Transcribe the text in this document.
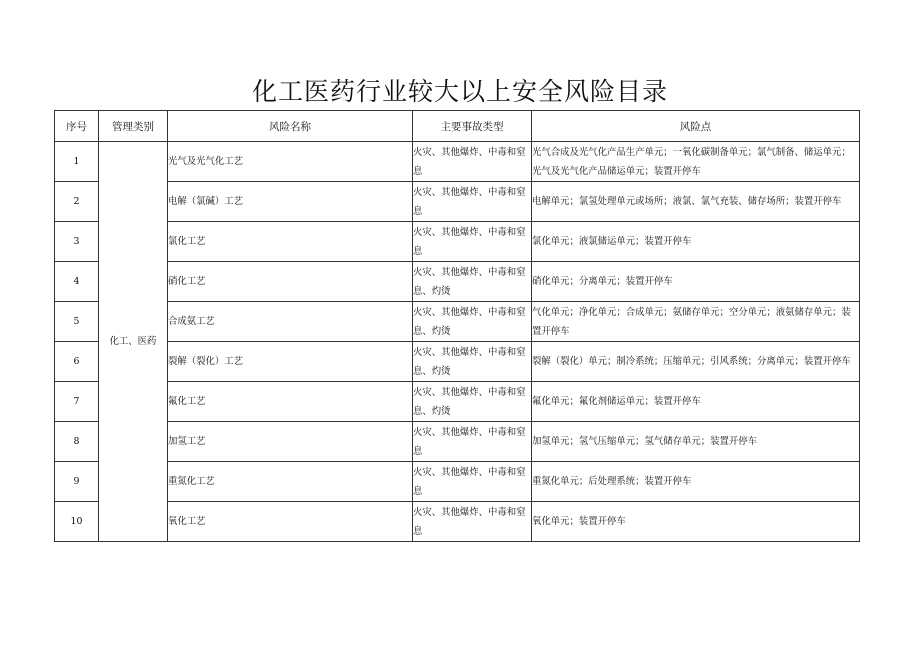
化工医药行业较大以上安全风险目录
序号	管理类别	风险名称	主要事故类型	风险点
1	化工、医药	光气及光气化工艺	火灾、其他爆炸、中毒和窒息	光气合成及光气化产品生产单元；一氧化碳制备单元；氯气制备、储运单元；光气及光气化产品储运单元；装置开停车
2		电解（氯碱）工艺	火灾、其他爆炸、中毒和窒息	电解单元；氯氢处理单元或场所；液氯、氯气充装、储存场所；装置开停车
3		氯化工艺	火灾、其他爆炸、中毒和窒息	氯化单元；液氯储运单元；装置开停车
4		硝化工艺	火灾、其他爆炸、中毒和窒息、灼烫	硝化单元；分离单元；装置开停车
5		合成氨工艺	火灾、其他爆炸、中毒和窒息、灼烫	气化单元；净化单元；合成单元；氨储存单元；空分单元；液氨储存单元；装置开停车
6		裂解（裂化）工艺	火灾、其他爆炸、中毒和窒息、灼烫	裂解（裂化）单元；制冷系统；压缩单元；引风系统；分离单元；装置开停车
7		氟化工艺	火灾、其他爆炸、中毒和窒息、灼烫	氟化单元；氟化剂储运单元；装置开停车
8		加氢工艺	火灾、其他爆炸、中毒和窒息	加氢单元；氢气压缩单元；氢气储存单元；装置开停车
9		重氮化工艺	火灾、其他爆炸、中毒和窒息	重氮化单元；后处理系统；装置开停车
10		氧化工艺	火灾、其他爆炸、中毒和窒息	氧化单元；装置开停车
